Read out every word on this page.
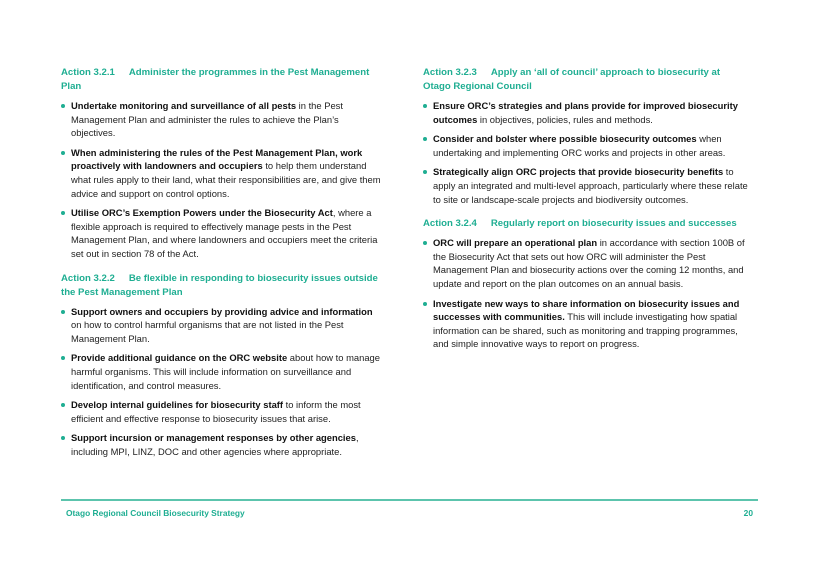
Action 3.2.1 Administer the programmes in the Pest Management Plan
Undertake monitoring and surveillance of all pests in the Pest Management Plan and administer the rules to achieve the Plan’s objectives.
When administering the rules of the Pest Management Plan, work proactively with landowners and occupiers to help them understand what rules apply to their land, what their responsibilities are, and give them advice and support on control options.
Utilise ORC’s Exemption Powers under the Biosecurity Act, where a flexible approach is required to effectively manage pests in the Pest Management Plan, and where landowners and occupiers meet the criteria set out in section 78 of the Act.
Action 3.2.2 Be flexible in responding to biosecurity issues outside the Pest Management Plan
Support owners and occupiers by providing advice and information on how to control harmful organisms that are not listed in the Pest Management Plan.
Provide additional guidance on the ORC website about how to manage harmful organisms. This will include information on surveillance and identification, and control measures.
Develop internal guidelines for biosecurity staff to inform the most efficient and effective response to biosecurity issues that arise.
Support incursion or management responses by other agencies, including MPI, LINZ, DOC and other agencies where appropriate.
Action 3.2.3 Apply an ‘all of council’ approach to biosecurity at Otago Regional Council
Ensure ORC’s strategies and plans provide for improved biosecurity outcomes in objectives, policies, rules and methods.
Consider and bolster where possible biosecurity outcomes when undertaking and implementing ORC works and projects in other areas.
Strategically align ORC projects that provide biosecurity benefits to apply an integrated and multi-level approach, particularly where these relate to site or landscape-scale projects and biodiversity outcomes.
Action 3.2.4 Regularly report on biosecurity issues and successes
ORC will prepare an operational plan in accordance with section 100B of the Biosecurity Act that sets out how ORC will administer the Pest Management Plan and biosecurity actions over the coming 12 months, and update and report on the plan outcomes on an annual basis.
Investigate new ways to share information on biosecurity issues and successes with communities. This will include investigating how spatial information can be shared, such as monitoring and trapping programmes, and simple innovative ways to report on progress.
Otago Regional Council Biosecurity Strategy	20
